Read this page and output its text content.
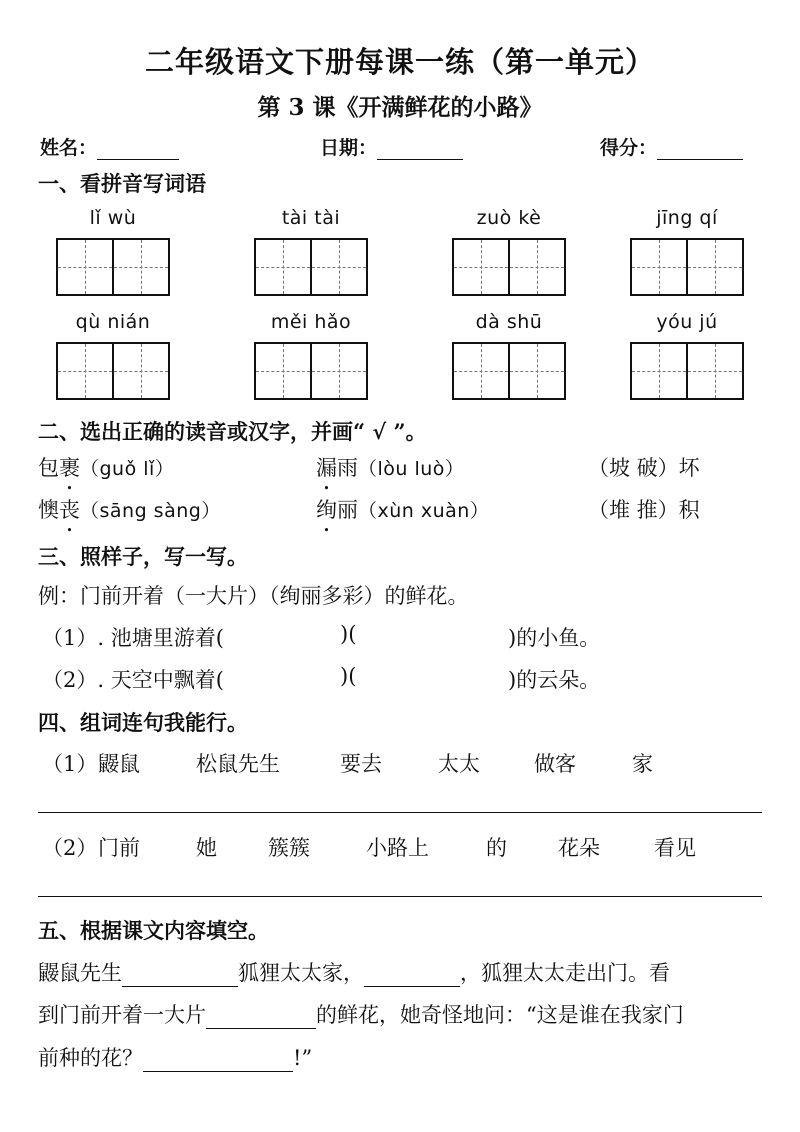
二年级语文下册每课一练（第一单元）
第 3 课《开满鲜花的小路》
姓名：	日期：	得分：
一、看拼音写词语
lǐ wù	tài tài	zuò kè	jīng qí
qù nián	měi hǎo	dà shū	yóu jú
二、选出正确的读音或汉字，并画“ √ ”。
包裹（guǒ lǐ）	漏雨（lòu luò）	（坡 破）坏
懊丧（sāng sàng）	绚丽（xùn xuàn）	（堆 推）积
三、照样子，写一写。
例：门前开着（一大片）（绚丽多彩）的鲜花。
（1）. 池塘里游着(	)(	)的小鱼。
（2）. 天空中飘着(	)(	)的云朵。
四、组词连句我能行。
（1） 鼹鼠	松鼠先生	要去	太太	做客	家
（2） 门前	她 簇簇	小路上	的 花朵	看见
五、根据课文内容填空。
鼹鼠先生	狐狸太太家，	，狐狸太太走出门。看
到门前开着一大片	的鲜花，她奇怪地问：“这是谁在我家门
前种的花？	!”
